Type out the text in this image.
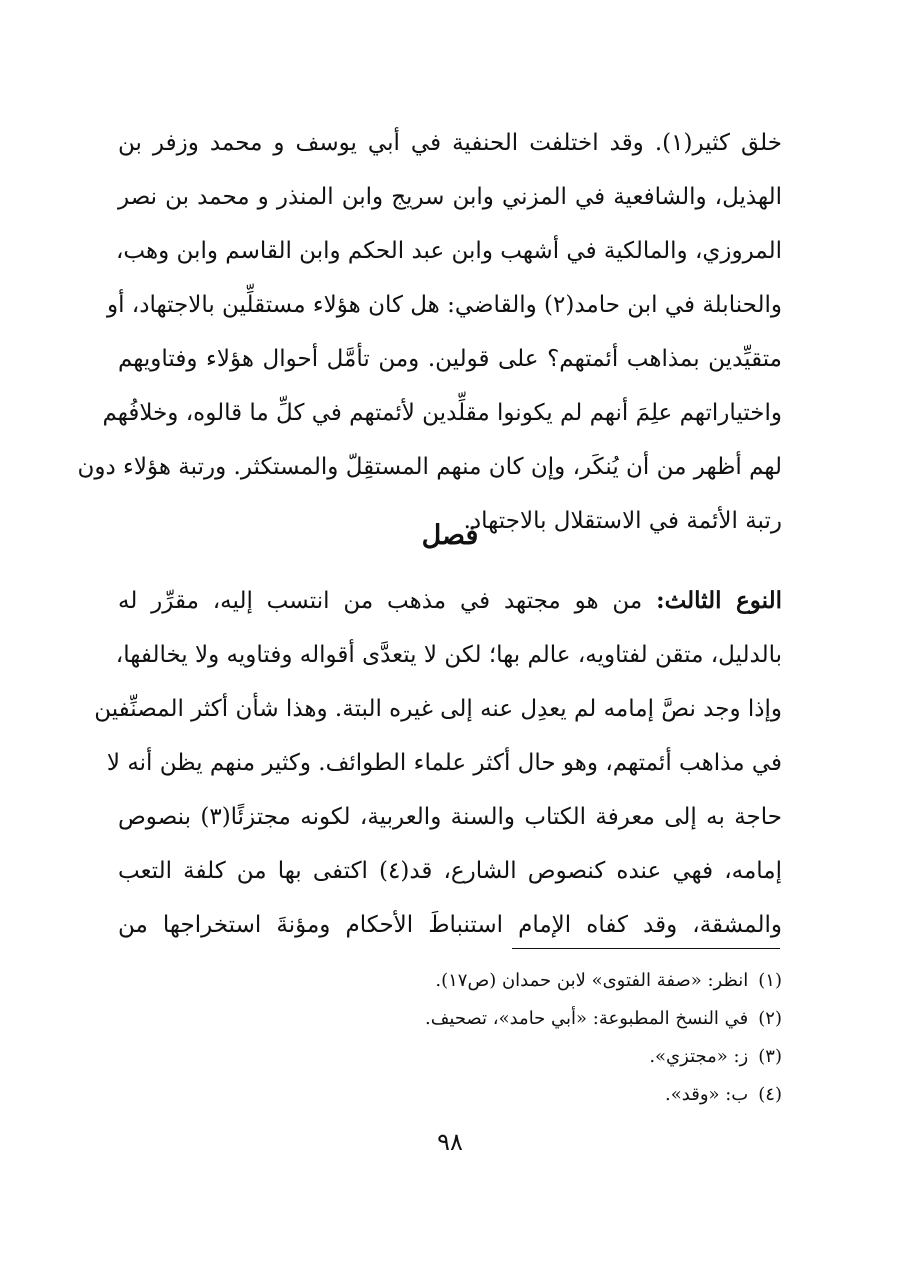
خلق كثير(١). وقد اختلفت الحنفية في أبي يوسف و محمد وزفر بن
الهذيل، والشافعية في المزني وابن سريج وابن المنذر و محمد بن نصر
المروزي، والمالكية في أشهب وابن عبد الحكم وابن القاسم وابن وهب،
والحنابلة في ابن حامد(٢) والقاضي: هل كان هؤلاء مستقلِّين بالاجتهاد، أو
متقيِّدين بمذاهب أئمتهم؟ على قولين. ومن تأمَّل أحوال هؤلاء وفتاويهم
واختياراتهم علِمَ أنهم لم يكونوا مقلِّدين لأئمتهم في كلِّ ما قالوه، وخلافُهم
لهم أظهر من أن يُنكَر، وإن كان منهم المستقِلّ والمستكثر. ورتبة هؤلاء دون
رتبة الأئمة في الاستقلال بالاجتهاد.
فصل
النوع الثالث: من هو مجتهد في مذهب من انتسب إليه، مقرِّر له
بالدليل، متقن لفتاويه، عالم بها؛ لكن لا يتعدَّى أقواله وفتاويه ولا يخالفها،
وإذا وجد نصَّ إمامه لم يعدِل عنه إلى غيره البتة. وهذا شأن أكثر المصنِّفين
في مذاهب أئمتهم، وهو حال أكثر علماء الطوائف. وكثير منهم يظن أنه لا
حاجة به إلى معرفة الكتاب والسنة والعربية، لكونه مجتزئًا(٣) بنصوص
إمامه، فهي عنده كنصوص الشارع، قد(٤) اكتفى بها من كلفة التعب
والمشقة، وقد كفاه الإمام استنباطَ الأحكام ومؤنةَ استخراجها من
(١)انظر: «صفة الفتوى» لابن حمدان (ص١٧).
(٢)في النسخ المطبوعة: «أبي حامد»، تصحيف.
(٣)ز: «مجتزي».
(٤)ب: «وقد».
٩٨
